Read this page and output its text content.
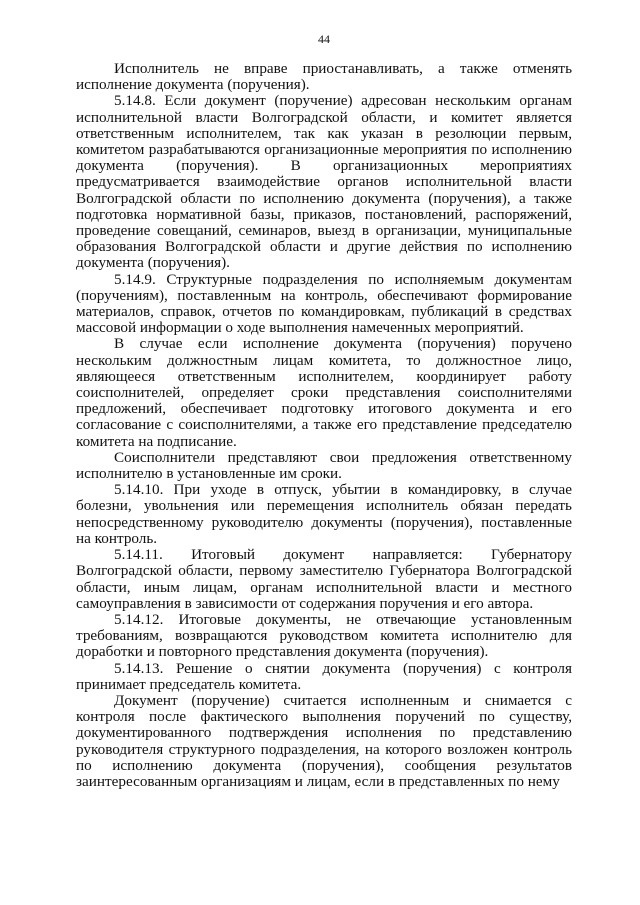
44

Исполнитель не вправе приостанавливать, а также отменять исполнение документа (поручения).

5.14.8. Если документ (поручение) адресован нескольким органам исполнительной власти Волгоградской области, и комитет является ответственным исполнителем, так как указан в резолюции первым, комитетом разрабатываются организационные мероприятия по исполнению документа (поручения). В организационных мероприятиях предусматривается взаимодействие органов исполнительной власти Волгоградской области по исполнению документа (поручения), а также подготовка нормативной базы, приказов, постановлений, распоряжений, проведение совещаний, семинаров, выезд в организации, муниципальные образования Волгоградской области и другие действия по исполнению документа (поручения).

5.14.9. Структурные подразделения по исполняемым документам (поручениям), поставленным на контроль, обеспечивают формирование материалов, справок, отчетов по командировкам, публикаций в средствах массовой информации о ходе выполнения намеченных мероприятий.

В случае если исполнение документа (поручения) поручено нескольким должностным лицам комитета, то должностное лицо, являющееся ответственным исполнителем, координирует работу соисполнителей, определяет сроки представления соисполнителями предложений, обеспечивает подготовку итогового документа и его согласование с соисполнителями, а также его представление председателю комитета на подписание.

Соисполнители представляют свои предложения ответственному исполнителю в установленные им сроки.

5.14.10. При уходе в отпуск, убытии в командировку, в случае болезни, увольнения или перемещения исполнитель обязан передать непосредственному руководителю документы (поручения), поставленные на контроль.

5.14.11. Итоговый документ направляется: Губернатору Волгоградской области, первому заместителю Губернатора Волгоградской области, иным лицам, органам исполнительной власти и местного самоуправления в зависимости от содержания поручения и его автора.

5.14.12. Итоговые документы, не отвечающие установленным требованиям, возвращаются руководством комитета исполнителю для доработки и повторного представления документа (поручения).

5.14.13. Решение о снятии документа (поручения) с контроля принимает председатель комитета.

Документ (поручение) считается исполненным и снимается с контроля после фактического выполнения поручений по существу, документированного подтверждения исполнения по представлению руководителя структурного подразделения, на которого возложен контроль по исполнению документа (поручения), сообщения результатов заинтересованным организациям и лицам, если в представленных по нему
